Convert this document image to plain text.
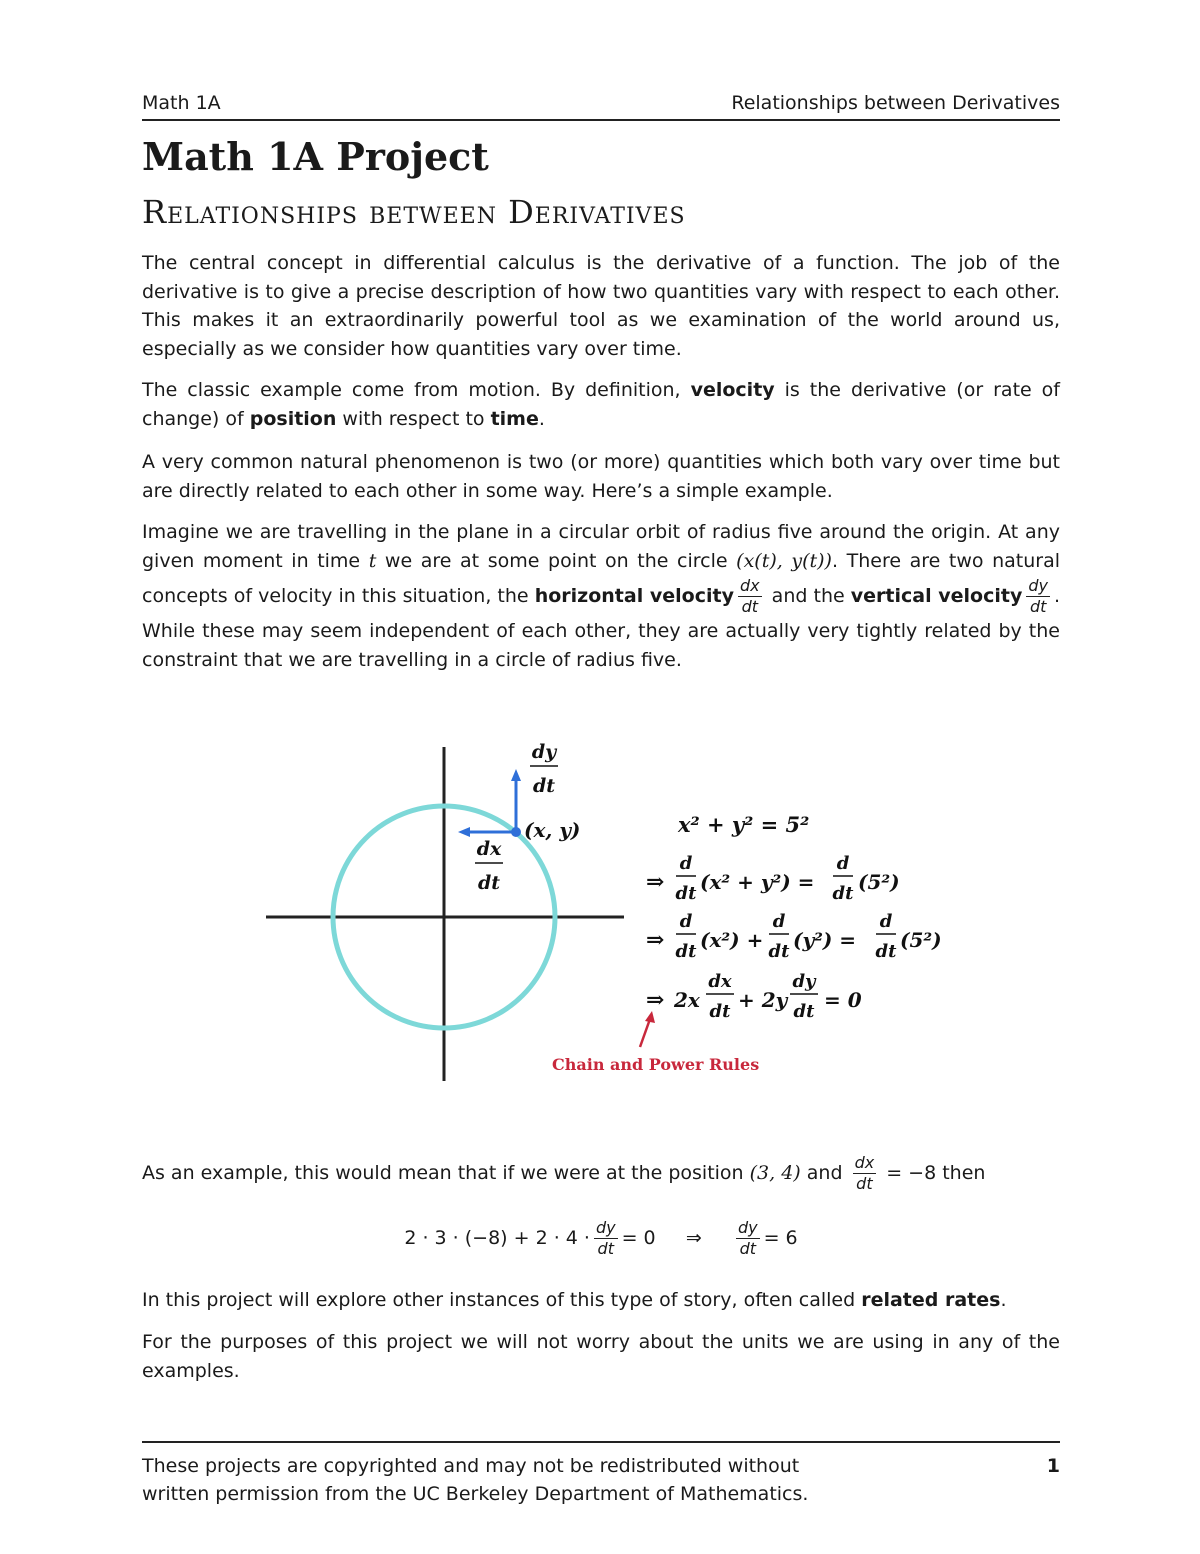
Math 1A	Relationships between Derivatives
Math 1A Project
Relationships between Derivatives

The central concept in differential calculus is the derivative of a function. The job of the derivative is to give a precise description of how two quantities vary with respect to each other. This makes it an extraordinarily powerful tool as we examination of the world around us, especially as we consider how quantities vary over time.

The classic example come from motion. By definition, velocity is the derivative (or rate of change) of position with respect to time.

A very common natural phenomenon is two (or more) quantities which both vary over time but are directly related to each other in some way. Here’s a simple example.

Imagine we are travelling in the plane in a circular orbit of radius five around the origin. At any given moment in time t we are at some point on the circle (x(t), y(t)). There are two natural concepts of velocity in this situation, the horizontal velocity $\frac{dx}{dt}$ and the vertical velocity $\frac{dy}{dt}$ . While these may seem independent of each other, they are actually very tightly related by the constraint that we are travelling in a circle of radius five.

dy
dt
(x, y)
dx
dt
x² + y² = 5²
⇒
d
dt (x² + y²) =
d
dt (5²)
⇒
d
dt (x²) +
d
dt (y²) =
d
dt (5²)
⇒ 2x
dx
dt + 2y
dy
dt = 0
Chain and Power Rules

As an example, this would mean that if we were at the position (3, 4) and $\frac{dx}{dt} = -8$ then

$2 \cdot 3 \cdot (-8) + 2 \cdot 4 \cdot \frac{dy}{dt} = 0$ ⇒ $\frac{dy}{dt} = 6$

In this project will explore other instances of this type of story, often called related rates.

For the purposes of this project we will not worry about the units we are using in any of the examples.

These projects are copyrighted and may not be redistributed without
written permission from the UC Berkeley Department of Mathematics.
1
